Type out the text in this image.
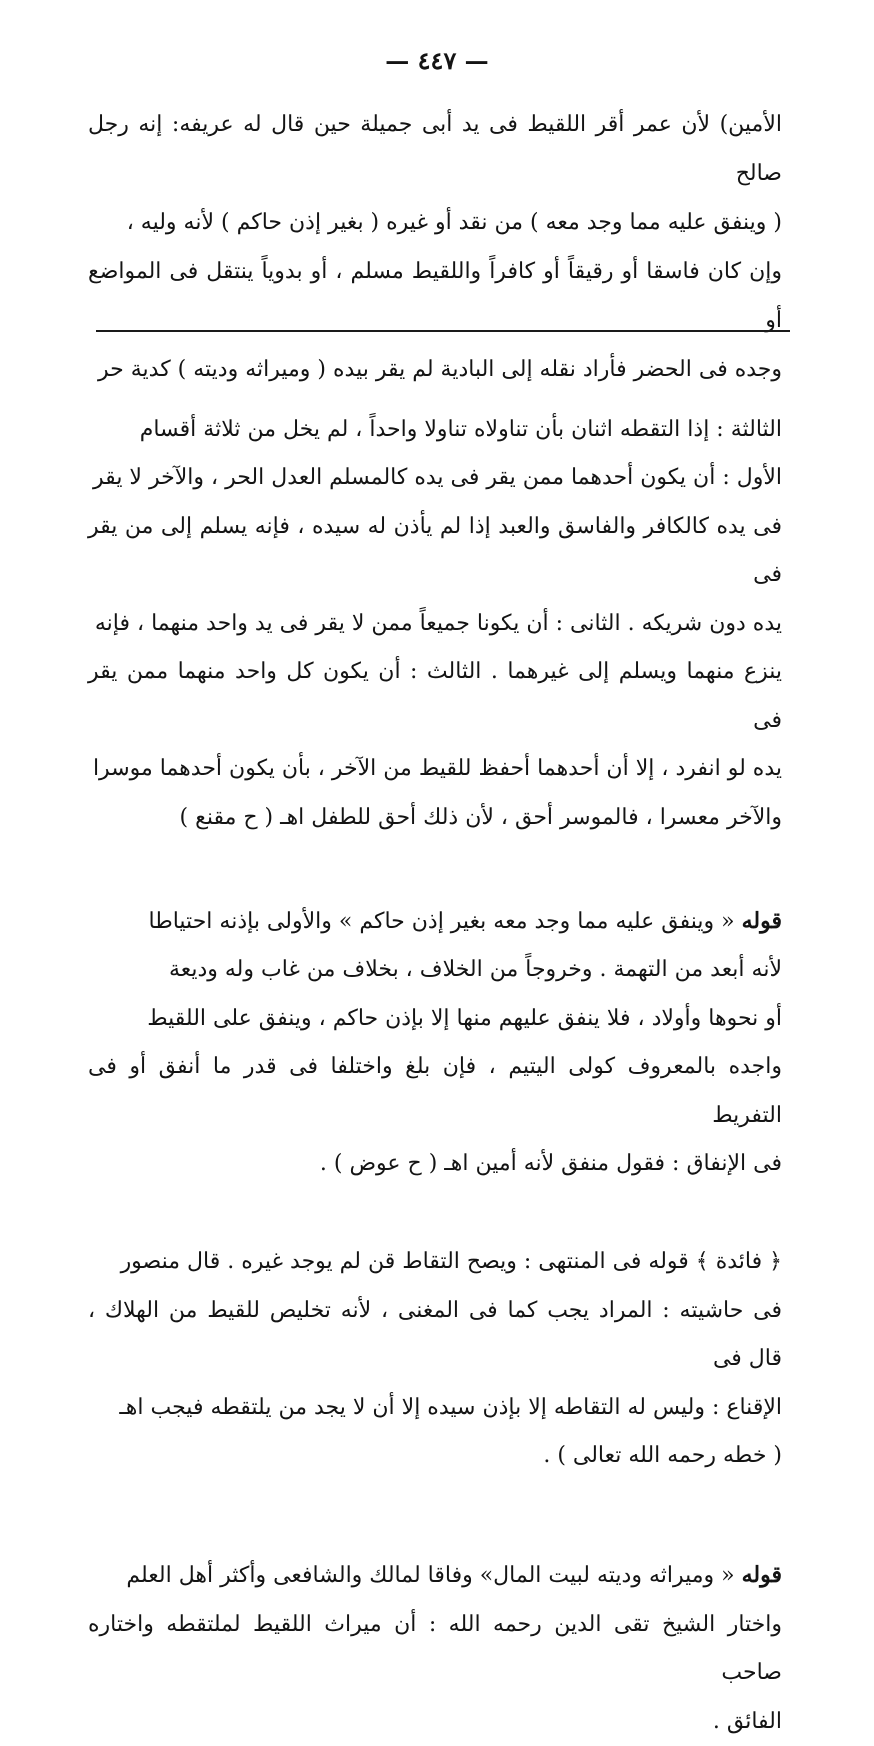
— ٤٤٧ —

الأمين) لأن عمر أقر اللقيط فى يد أبى جميلة حين قال له عريفه: إنه رجل صالح
( وينفق عليه مما وجد معه ) من نقد أو غيره ( بغير إذن حاكم ) لأنه وليه ،
وإن كان فاسقا أو رقيقاً أو كافراً واللقيط مسلم ، أو بدوياً ينتقل فى المواضع أو
وجده فى الحضر فأراد نقله إلى البادية لم يقر بيده ( وميراثه وديته ) كدية حر

الثالثة : إذا التقطه اثنان بأن تناولاه تناولا واحداً ، لم يخل من ثلاثة أقسام
الأول : أن يكون أحدهما ممن يقر فى يده كالمسلم العدل الحر ، والآخر لا يقر
فى يده كالكافر والفاسق والعبد إذا لم يأذن له سيده ، فإنه يسلم إلى من يقر فى
يده دون شريكه . الثانى : أن يكونا جميعاً ممن لا يقر فى يد واحد منهما ، فإنه
ينزع منهما ويسلم إلى غيرهما . الثالث : أن يكون كل واحد منهما ممن يقر فى
يده لو انفرد ، إلا أن أحدهما أحفظ للقيط من الآخر ، بأن يكون أحدهما موسرا
والآخر معسرا ، فالموسر أحق ، لأن ذلك أحق للطفل اهـ ( ح مقنع )

قوله « وينفق عليه مما وجد معه بغير إذن حاكم » والأولى بإذنه احتياطا
لأنه أبعد من التهمة . وخروجاً من الخلاف ، بخلاف من غاب وله وديعة
أو نحوها وأولاد ، فلا ينفق عليهم منها إلا بإذن حاكم ، وينفق على اللقيط
واجده بالمعروف كولى اليتيم ، فإن بلغ واختلفا فى قدر ما أنفق أو فى التفريط
فى الإنفاق : فقول منفق لأنه أمين اهـ ( ح عوض ) .

﴿ فائدة ﴾ قوله فى المنتهى : ويصح التقاط قن لم يوجد غيره . قال منصور
فى حاشيته : المراد يجب كما فى المغنى ، لأنه تخليص للقيط من الهلاك ، قال فى
الإقناع : وليس له التقاطه إلا بإذن سيده إلا أن لا يجد من يلتقطه فيجب اهـ
( خطه رحمه الله تعالى ) .

قوله « وميراثه وديته لبيت المال» وفاقا لمالك والشافعى وأكثر أهل العلم
واختار الشيخ تقى الدين رحمه الله : أن ميراث اللقيط لملتقطه واختاره صاحب
الفائق .
